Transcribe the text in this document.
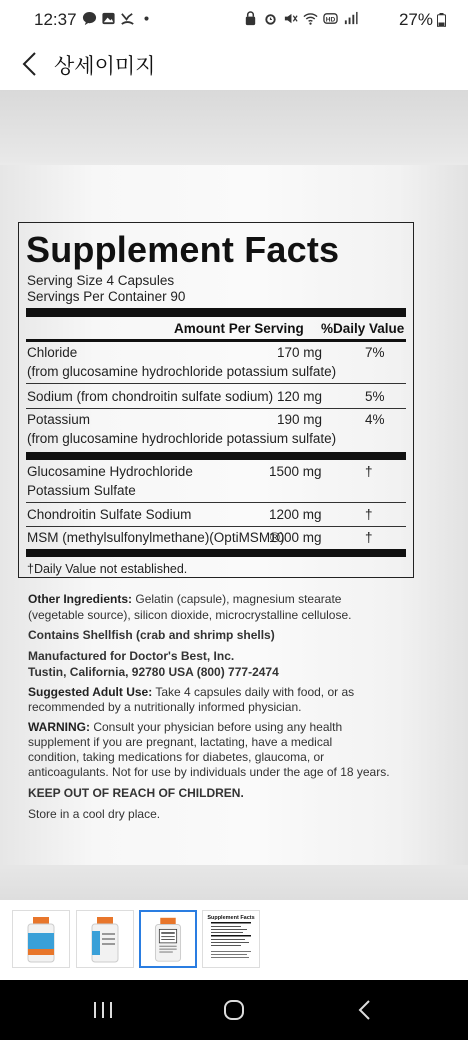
12:37	HD	27%
상세이미지
Supplement Facts
Serving Size 4 Capsules
Servings Per Container 90
Amount Per Serving %Daily Value
Chloride
(from glucosamine hydrochloride potassium sulfate)
170 mg	7%
Sodium (from chondroitin sulfate sodium) 120 mg	5%
Potassium
(from glucosamine hydrochloride potassium sulfate)
190 mg	4%
Glucosamine Hydrochloride
Potassium Sulfate
1500 mg	†
Chondroitin Sulfate Sodium	1200 mg	†
MSM (methylsulfonylmethane)(OptiMSM®)
1000 mg	†
†Daily Value not established.
Other Ingredients: Gelatin (capsule), magnesium stearate
(vegetable source), silicon dioxide, microcrystalline cellulose.
Contains Shellfish (crab and shrimp shells)
Manufactured for Doctor's Best, Inc.
Tustin, California, 92780 USA (800) 777-2474
Suggested Adult Use: Take 4 capsules daily with food, or as
recommended by a nutritionally informed physician.
WARNING: Consult your physician before using any health
supplement if you are pregnant, lactating, have a medical
condition, taking medications for diabetes, glaucoma, or
anticoagulants. Not for use by individuals under the age of 18 years.
KEEP OUT OF REACH OF CHILDREN.
Store in a cool dry place.
Supplement Facts
